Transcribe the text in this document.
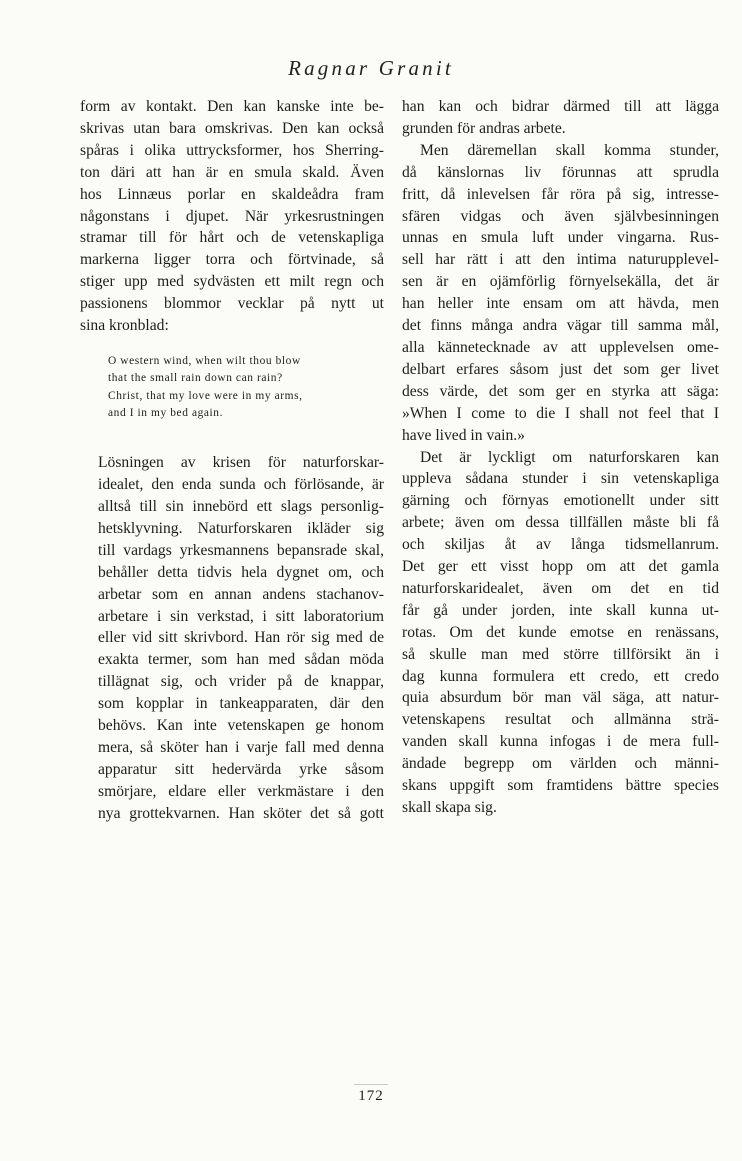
Ragnar Granit

form av kontakt. Den kan kanske inte be-
skrivas utan bara omskrivas. Den kan också
spåras i olika uttrycksformer, hos Sherring-
ton däri att han är en smula skald. Även
hos Linnæus porlar en skaldeådra fram
någonstans i djupet. När yrkesrustningen
stramar till för hårt och de vetenskapliga
markerna ligger torra och förtvinade, så
stiger upp med sydvästen ett milt regn och
passionens blommor vecklar på nytt ut
sina kronblad:

O western wind, when wilt thou blow
that the small rain down can rain?
Christ, that my love were in my arms,
and I in my bed again.

Lösningen av krisen för naturforskar-
idealet, den enda sunda och förlösande, är
alltså till sin innebörd ett slags personlig-
hetsklyvning. Naturforskaren ikläder sig
till vardags yrkesmannens bepansrade skal,
behåller detta tidvis hela dygnet om, och
arbetar som en annan andens stachanov-
arbetare i sin verkstad, i sitt laboratorium
eller vid sitt skrivbord. Han rör sig med de
exakta termer, som han med sådan möda
tillägnat sig, och vrider på de knappar,
som kopplar in tankeapparaten, där den
behövs. Kan inte vetenskapen ge honom
mera, så sköter han i varje fall med denna
apparatur sitt hedervärda yrke såsom
smörjare, eldare eller verkmästare i den
nya grottekvarnen. Han sköter det så gott

han kan och bidrar därmed till att lägga
grunden för andras arbete.

Men däremellan skall komma stunder,
då känslornas liv förunnas att sprudla
fritt, då inlevelsen får röra på sig, intresse-
sfären vidgas och även självbesinningen
unnas en smula luft under vingarna. Rus-
sell har rätt i att den intima naturupplevel-
sen är en ojämförlig förnyelsekälla, det är
han heller inte ensam om att hävda, men
det finns många andra vägar till samma mål,
alla kännetecknade av att upplevelsen ome-
delbart erfares såsom just det som ger livet
dess värde, det som ger en styrka att säga:
»When I come to die I shall not feel that I
have lived in vain.»

Det är lyckligt om naturforskaren kan
uppleva sådana stunder i sin vetenskapliga
gärning och förnyas emotionellt under sitt
arbete; även om dessa tillfällen måste bli få
och skiljas åt av långa tidsmellanrum.
Det ger ett visst hopp om att det gamla
naturforskaridealet, även om det en tid
får gå under jorden, inte skall kunna ut-
rotas. Om det kunde emotse en renässans,
så skulle man med större tillförsikt än i
dag kunna formulera ett credo, ett credo
quia absurdum bör man väl säga, att natur-
vetenskapens resultat och allmänna strä-
vanden skall kunna infogas i de mera full-
ändade begrepp om världen och männi-
skans uppgift som framtidens bättre species
skall skapa sig.

172
